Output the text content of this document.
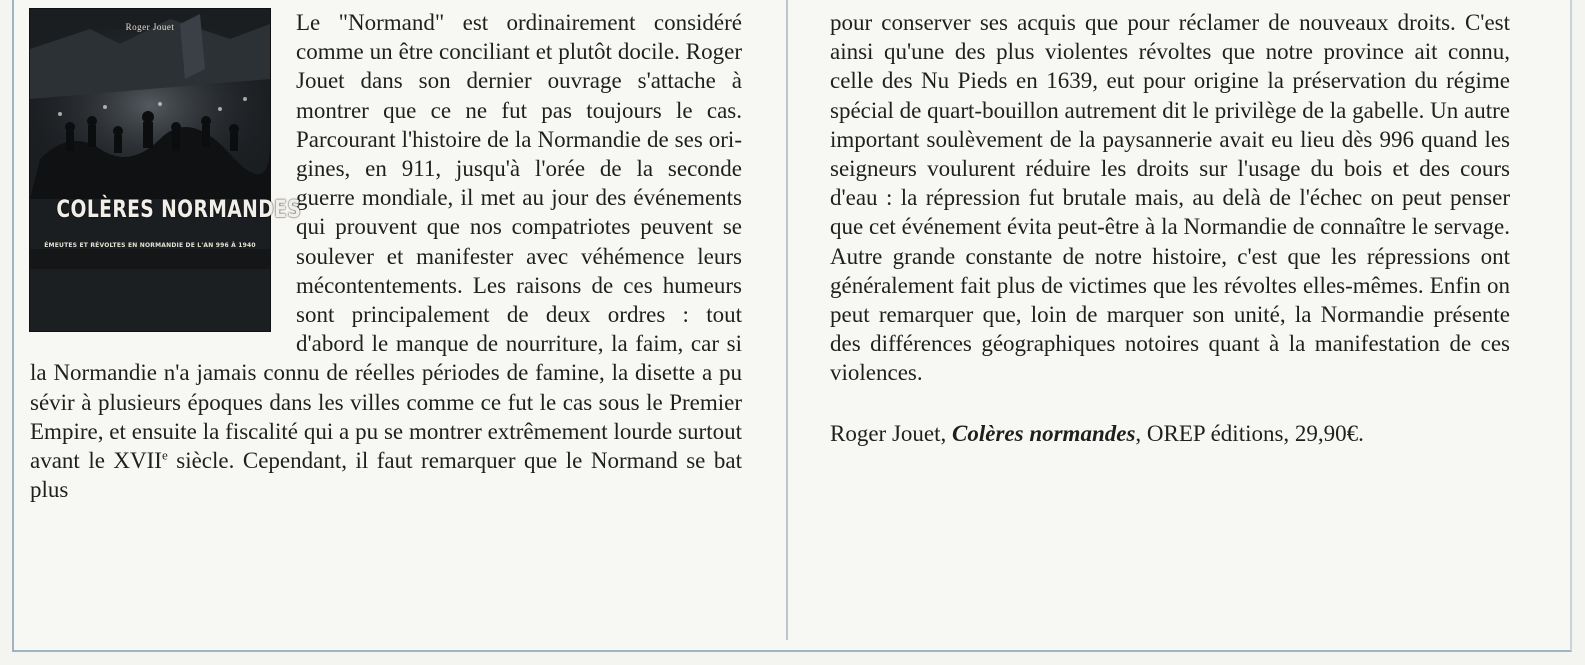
Roger Jouet
COLÈRES NORMANDES
ÉMEUTES ET RÉVOLTES EN NORMANDIE DE L'AN 996 À 1940

Le "Normand" est ordinairement considéré comme un être conciliant et plutôt docile. Roger Jouet dans son dernier ouvrage s'attache à montrer que ce ne fut pas toujours le cas. Parcourant l'histoire de la Normandie de ses origines, en 911, jusqu'à l'orée de la seconde guerre mondiale, il met au jour des événements qui prouvent que nos compatriotes peuvent se soulever et manifester avec véhémence leurs mécontentements. Les raisons de ces humeurs sont principalement de deux ordres : tout d'abord le manque de nourriture, la faim, car si la Normandie n'a jamais connu de réelles périodes de famine, la disette a pu sévir à plusieurs époques dans les villes comme ce fut le cas sous le Premier Empire, et ensuite la fiscalité qui a pu se montrer extrêmement lourde surtout avant le XVIIe siècle. Cependant, il faut remarquer que le Normand se bat plus

pour conserver ses acquis que pour réclamer de nouveaux droits. C'est ainsi qu'une des plus violentes révoltes que notre province ait connu, celle des Nu Pieds en 1639, eut pour origine la préservation du régime spécial de quart-bouillon autrement dit le privilège de la gabelle. Un autre important soulèvement de la paysannerie avait eu lieu dès 996 quand les seigneurs voulurent réduire les droits sur l'usage du bois et des cours d'eau : la répression fut brutale mais, au delà de l'échec on peut penser que cet événement évita peut-être à la Normandie de connaître le servage. Autre grande constante de notre histoire, c'est que les répressions ont généralement fait plus de victimes que les révoltes elles-mêmes. Enfin on peut remarquer que, loin de marquer son unité, la Normandie présente des différences géographiques notoires quant à la manifestation de ces violences.

Roger Jouet, Colères normandes, OREP éditions, 29,90€.
